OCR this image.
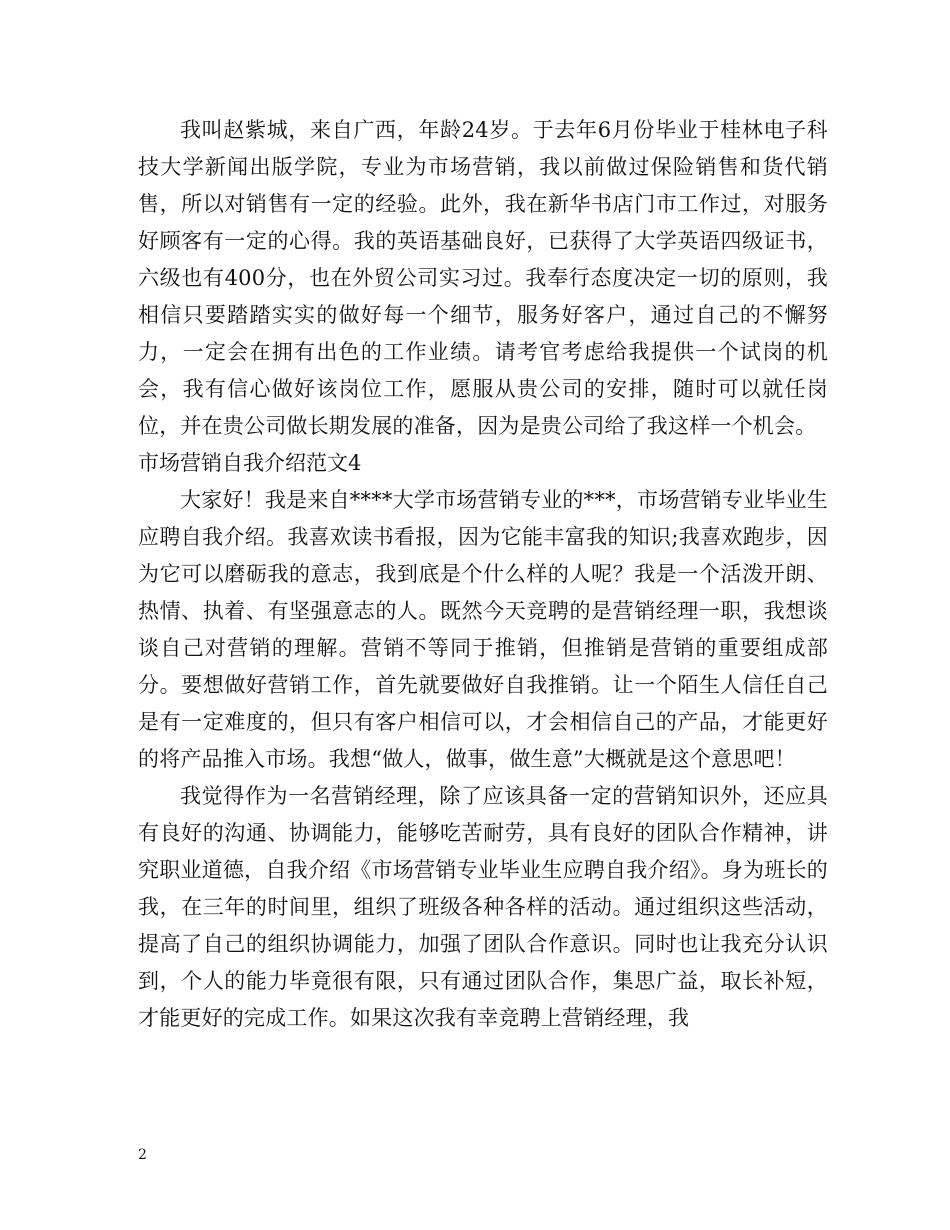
我叫赵紫城，来自广西，年龄24岁。于去年6月份毕业于桂林电子科技大学新闻出版学院，专业为市场营销，我以前做过保险销售和货代销售，所以对销售有一定的经验。此外，我在新华书店门市工作过，对服务好顾客有一定的心得。我的英语基础良好，已获得了大学英语四级证书，六级也有400分，也在外贸公司实习过。我奉行态度决定一切的原则，我相信只要踏踏实实的做好每一个细节，服务好客户，通过自己的不懈努力，一定会在拥有出色的工作业绩。请考官考虑给我提供一个试岗的机会，我有信心做好该岗位工作，愿服从贵公司的安排，随时可以就任岗位，并在贵公司做长期发展的准备，因为是贵公司给了我这样一个机会。

市场营销自我介绍范文4

大家好！我是来自****大学市场营销专业的***，市场营销专业毕业生应聘自我介绍。我喜欢读书看报，因为它能丰富我的知识;我喜欢跑步，因为它可以磨砺我的意志，我到底是个什么样的人呢？我是一个活泼开朗、热情、执着、有坚强意志的人。既然今天竞聘的是营销经理一职，我想谈谈自己对营销的理解。营销不等同于推销，但推销是营销的重要组成部分。要想做好营销工作，首先就要做好自我推销。让一个陌生人信任自己是有一定难度的，但只有客户相信可以，才会相信自己的产品，才能更好的将产品推入市场。我想“做人，做事，做生意”大概就是这个意思吧！

我觉得作为一名营销经理，除了应该具备一定的营销知识外，还应具有良好的沟通、协调能力，能够吃苦耐劳，具有良好的团队合作精神，讲究职业道德，自我介绍《市场营销专业毕业生应聘自我介绍》。身为班长的我，在三年的时间里，组织了班级各种各样的活动。通过组织这些活动，提高了自己的组织协调能力，加强了团队合作意识。同时也让我充分认识到，个人的能力毕竟很有限，只有通过团队合作，集思广益，取长补短，才能更好的完成工作。如果这次我有幸竞聘上营销经理，我

2
